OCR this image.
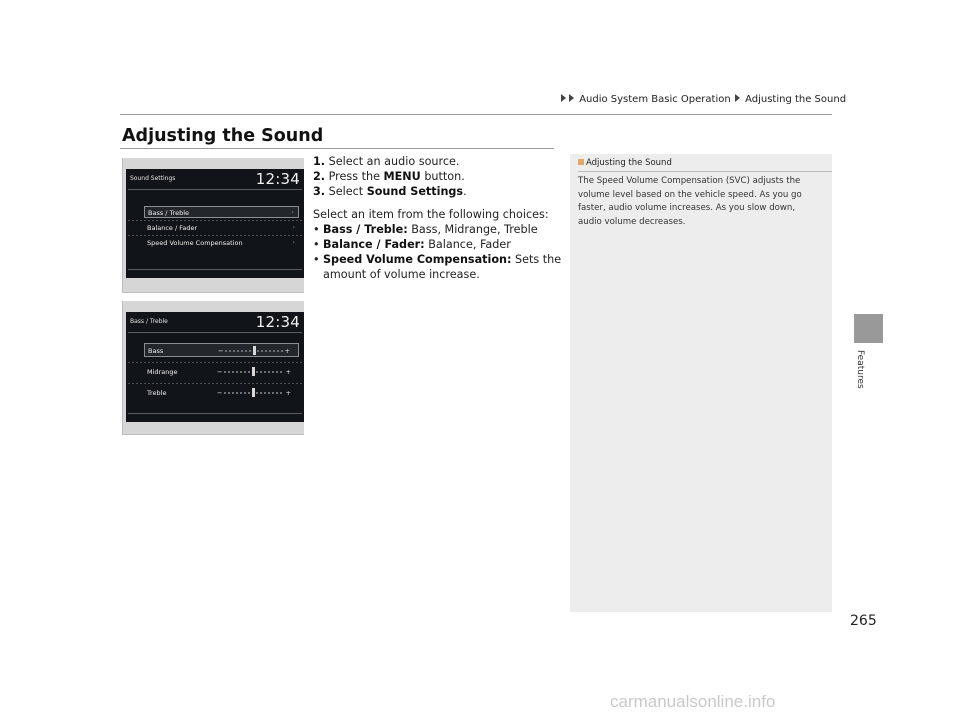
Audio System Basic Operation Adjusting the Sound
Adjusting the Sound
Features
Sound Settings	12:34
Bass / Treble	›
Balance / Fader	›
Speed Volume Compensation	›
Bass / Treble	12:34
Bass	−	+
Midrange	−	+
Treble	−	+
1. Select an audio source.
2. Press the MENU button.
3. Select Sound Settings.
Select an item from the following choices:
• Bass / Treble: Bass, Midrange, Treble
• Balance / Fader: Balance, Fader
• Speed Volume Compensation: Sets the
amount of volume increase.
Adjusting the Sound
The Speed Volume Compensation (SVC) adjusts the
volume level based on the vehicle speed. As you go
faster, audio volume increases. As you slow down,
audio volume decreases.
265
carmanualsonline.info
